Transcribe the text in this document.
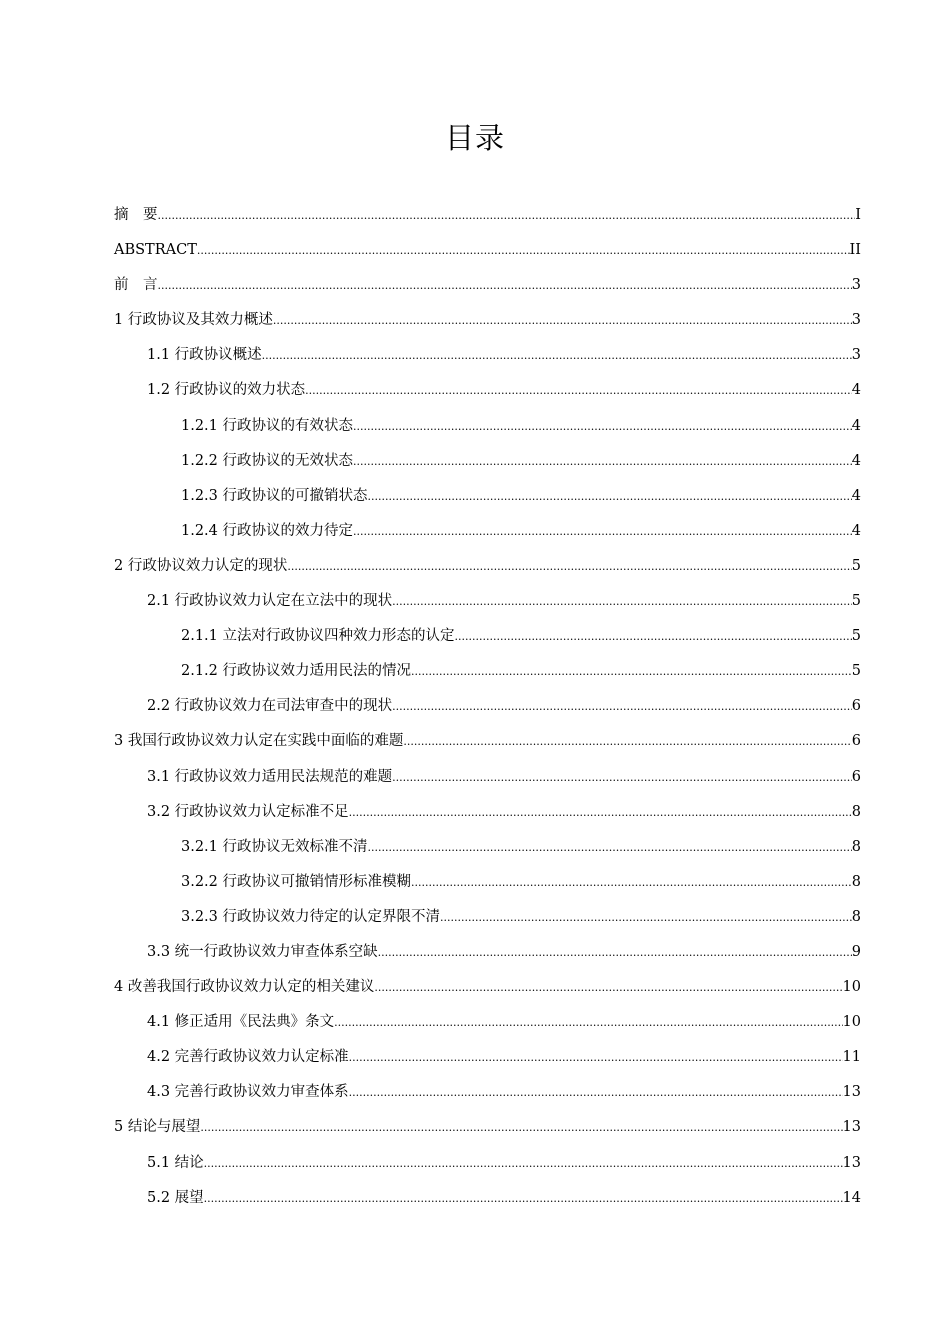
目录
摘　要 .....	I
ABSTRACT .....	II
前　言 .....	3
1 行政协议及其效力概述 .....	3
1.1 行政协议概述 .....	3
1.2 行政协议的效力状态 .....	4
1.2.1 行政协议的有效状态 .....	4
1.2.2 行政协议的无效状态 .....	4
1.2.3 行政协议的可撤销状态 .....	4
1.2.4 行政协议的效力待定 .....	4
2 行政协议效力认定的现状 .....	5
2.1 行政协议效力认定在立法中的现状 .....	5
2.1.1 立法对行政协议四种效力形态的认定 .....	5
2.1.2 行政协议效力适用民法的情况 .....	5
2.2 行政协议效力在司法审查中的现状 .....	6
3 我国行政协议效力认定在实践中面临的难题 .....	6
3.1 行政协议效力适用民法规范的难题 .....	6
3.2 行政协议效力认定标准不足 .....	8
3.2.1 行政协议无效标准不清 .....	8
3.2.2 行政协议可撤销情形标准模糊 .....	8
3.2.3 行政协议效力待定的认定界限不清 .....	8
3.3 统一行政协议效力审查体系空缺 .....	9
4 改善我国行政协议效力认定的相关建议 .....	10
4.1 修正适用《民法典》条文 .....	10
4.2 完善行政协议效力认定标准 .....	11
4.3 完善行政协议效力审查体系 .....	13
5 结论与展望 .....	13
5.1 结论 .....	13
5.2 展望 .....	14
